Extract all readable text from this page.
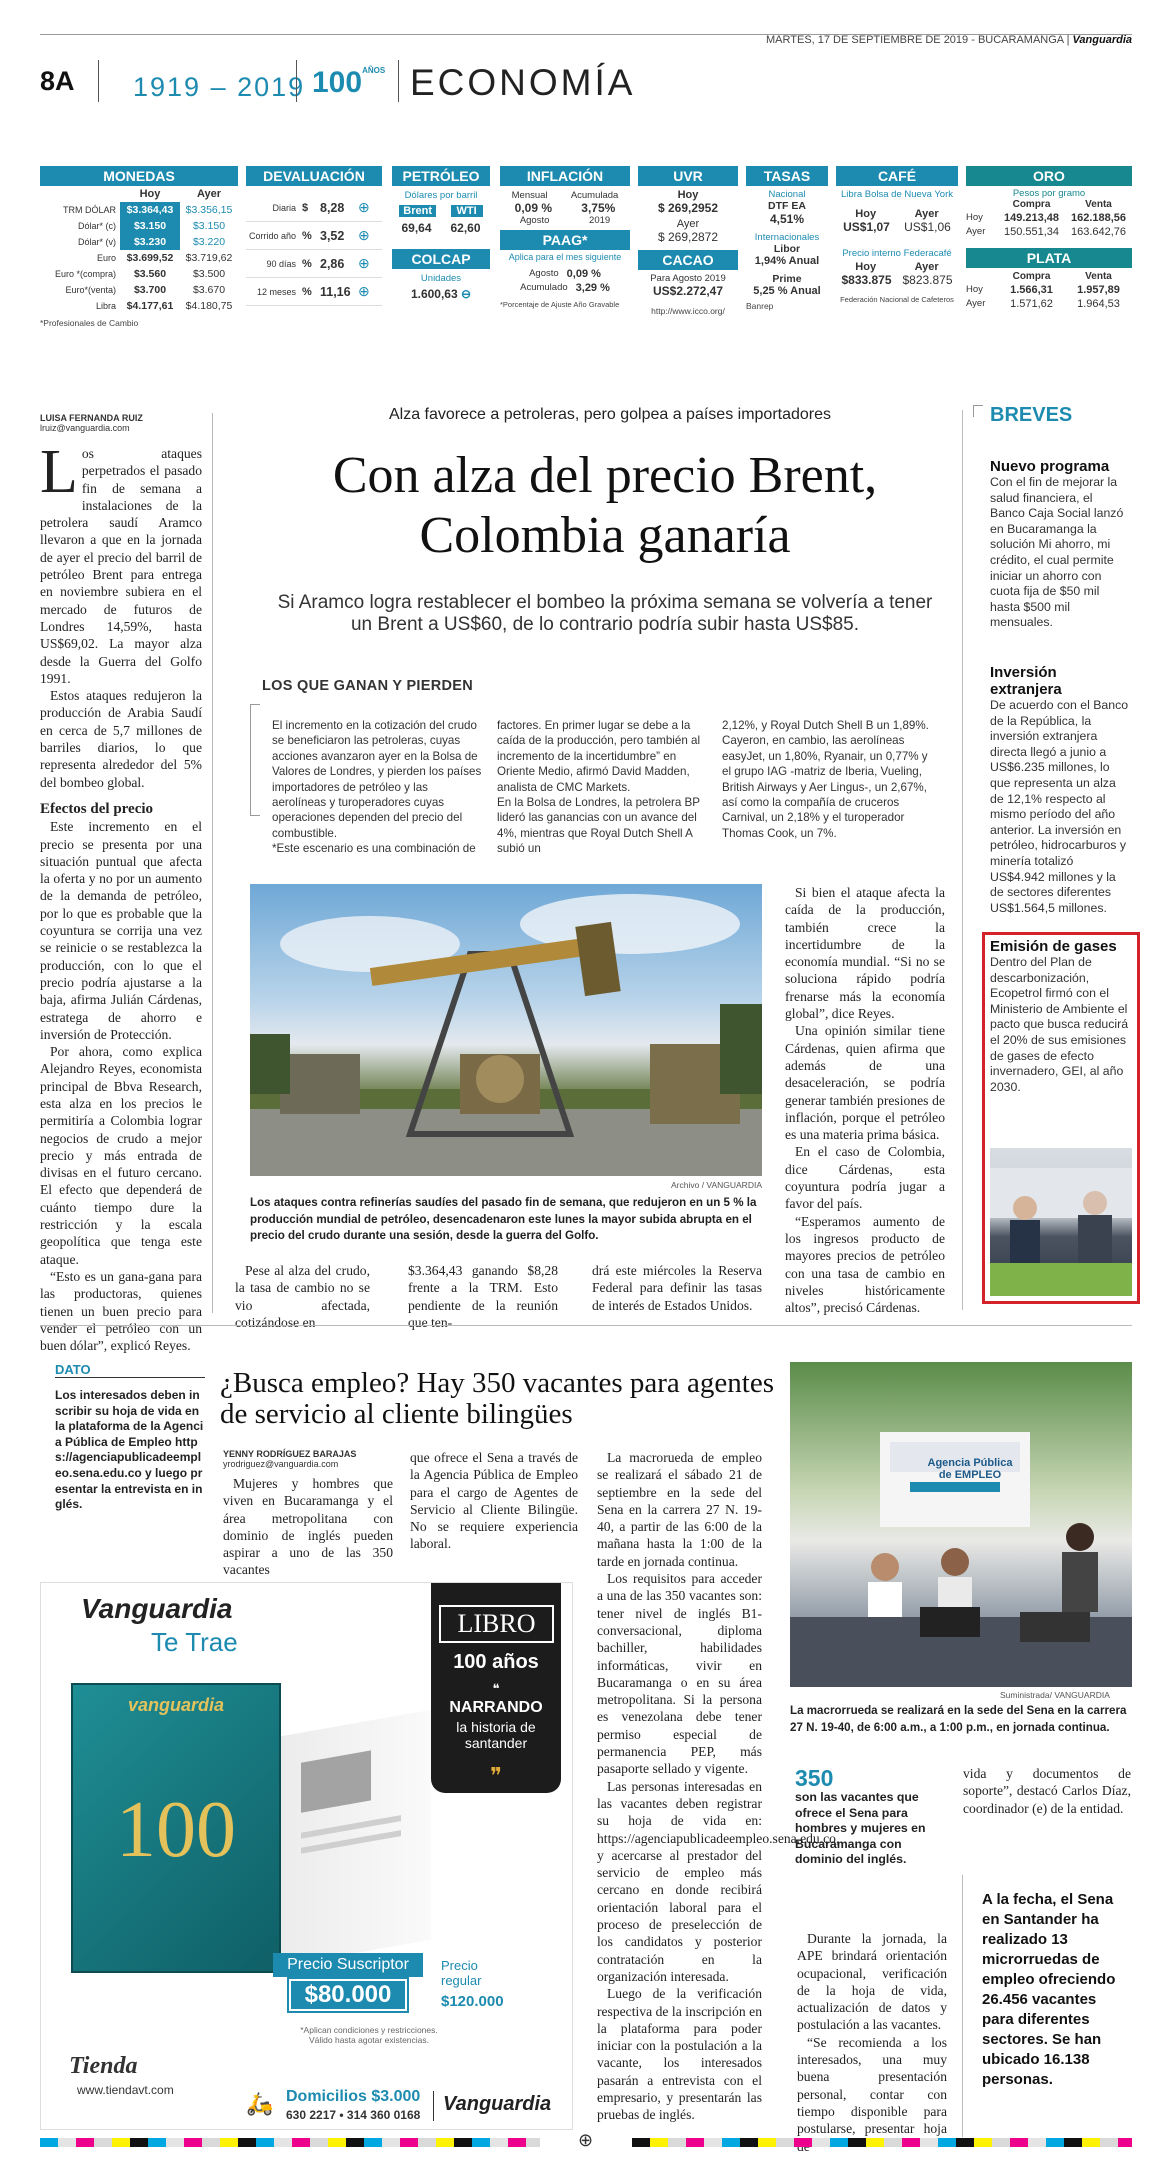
MARTES, 17 DE SEPTIEMBRE DE 2019 - BUCARAMANGA | Vanguardia
8A 1919 – 2019 $100^{AÑOS}$ ECONOMÍA
MONEDAS
Hoy	Ayer
TRM DÓLAR	$3.364,43	$3.356,15
Dólar* (c)	$3.150	$3.150
Dólar* (v)	$3.230	$3.220
Euro	$3.699,52	$3.719,62
Euro *(compra)	$3.560	$3.500
Euro*(venta)	$3.700	$3.670
Libra	$4.177,61	$4.180,75
*Profesionales de Cambio
DEVALUACIÓN
Diaria $ 8,28 ⊕
Corrido año % 3,52 ⊕
90 días % 2,86 ⊕
12 meses % 11,16 ⊕
PETRÓLEO
Dólares por barril
Brent	WTI
69,64 62,60
COLCAP
Unidades
1.600,63 ⊖
INFLACIÓN
Mensual Acumulada
0,09 % 3,75%
Agosto	2019
PAAG*
Aplica para el mes siguiente
Agosto 0,09 %
Acumulado 3,29 %
*Porcentaje de Ajuste Año Gravable
UVR
Hoy
$ 269,2952
Ayer
$ 269,2872
CACAO
Para Agosto 2019
US$2.272,47
http://www.icco.org/
TASAS
Nacional
DTF EA
4,51%
Internacionales
Libor
1,94% Anual
Prime
5,25 % Anual
Banrep
CAFÉ
Libra Bolsa de Nueva York
Hoy	Ayer
US$1,07 US$1,06
Precio interno Federacafé
Hoy	Ayer
$833.875 $823.875
Federación Nacional de Cafeteros
ORO
Pesos por gramo
Compra	Venta
Hoy	149.213,48	162.188,56
Ayer	150.551,34	163.642,76
PLATA
Compra	Venta
Hoy	1.566,31	1.957,89
Ayer	1.571,62	1.964,53
Alza favorece a petroleras, pero golpea a países importadores
Con alza del precio Brent, Colombia ganaría
Si Aramco logra restablecer el bombeo la próxima semana se volvería a tener un Brent a US$60, de lo contrario podría subir hasta US$85.
LUISA FERNANDA RUIZ
lruiz@vanguardia.com
Los ataques perpetrados el pasado fin de semana a instalaciones de la petrolera saudí Aramco llevaron a que en la jornada de ayer el precio del barril de petróleo Brent para entrega en noviembre subiera en el mercado de futuros de Londres 14,59%, hasta US$69,02. La mayor alza desde la Guerra del Golfo 1991.

Estos ataques redujeron la producción de Arabia Saudí en cerca de 5,7 millones de barriles diarios, lo que representa alrededor del 5% del bombeo global.

Efectos del precio

Este incremento en el precio se presenta por una situación puntual que afecta la oferta y no por un aumento de la demanda de petróleo, por lo que es probable que la coyuntura se corrija una vez se reinicie o se restablezca la producción, con lo que el precio podría ajustarse a la baja, afirma Julián Cárdenas, estratega de ahorro e inversión de Protección.

Por ahora, como explica Alejandro Reyes, economista principal de Bbva Research, esta alza en los precios le permitiría a Colombia lograr negocios de crudo a mejor precio y más entrada de divisas en el futuro cercano. El efecto que dependerá de cuánto tiempo dure la restricción y la escala geopolítica que tenga este ataque.

“Esto es un gana-gana para las productoras, quienes tienen un buen precio para vender el petróleo con un buen dólar”, explicó Reyes.

LOS QUE GANAN Y PIERDEN
El incremento en la cotización del crudo se beneficiaron las petroleras, cuyas acciones avanzaron ayer en la Bolsa de Valores de Londres, y pierden los países importadores de petróleo y las aerolíneas y turoperadores cuyas operaciones dependen del precio del combustible.
*Este escenario es una combinación de
factores. En primer lugar se debe a la caída de la producción, pero también al incremento de la incertidumbre” en Oriente Medio, afirmó David Madden, analista de CMC Markets.
En la Bolsa de Londres, la petrolera BP lideró las ganancias con un avance del 4%, mientras que Royal Dutch Shell A subió un
2,12%, y Royal Dutch Shell B un 1,89%. Cayeron, en cambio, las aerolíneas easyJet, un 1,80%, Ryanair, un 0,77% y el grupo IAG -matriz de Iberia, Vueling, British Airways y Aer Lingus-, un 2,67%, así como la compañía de cruceros Carnival, un 2,18% y el turoperador Thomas Cook, un 7%.
Archivo / VANGUARDIA
Los ataques contra refinerías saudíes del pasado fin de semana, que redujeron en un 5 % la producción mundial de petróleo, desencadenaron este lunes la mayor subida abrupta en el precio del crudo durante una sesión, desde la guerra del Golfo.

Pese al alza del crudo, la tasa de cambio no se vio afectada, cotizándose en

$3.364,43 ganando $8,28 frente a la TRM. Esto pendiente de la reunión que ten-
drá este miércoles la Reserva Federal para definir las tasas de interés de Estados Unidos.

Si bien el ataque afecta la caída de la producción, también crece la incertidumbre de la economía mundial. “Si no se soluciona rápido podría frenarse más la economía global”, dice Reyes.

Una opinión similar tiene Cárdenas, quien afirma que además de una desaceleración, se podría generar también presiones de inflación, porque el petróleo es una materia prima básica.

En el caso de Colombia, dice Cárdenas, esta coyuntura podría jugar a favor del país.

“Esperamos aumento de los ingresos producto de mayores precios de petróleo con una tasa de cambio en niveles históricamente altos”, precisó Cárdenas.

BREVES
Nuevo programa
Con el fin de mejorar la salud financiera, el Banco Caja Social lanzó en Bucaramanga la solución Mi ahorro, mi crédito, el cual permite iniciar un ahorro con cuota fija de $50 mil hasta $500 mil mensuales.
Inversión extranjera
De acuerdo con el Banco de la República, la inversión extranjera directa llegó a junio a US$6.235 millones, lo que representa un alza de 12,1% respecto al mismo período del año anterior. La inversión en petróleo, hidrocarburos y minería totalizó US$4.942 millones y la de sectores diferentes US$1.564,5 millones.
Emisión de gases
Dentro del Plan de descarbonización, Ecopetrol firmó con el Ministerio de Ambiente el pacto que busca reducirá el 20% de sus emisiones de gases de efecto invernadero, GEI, al año 2030.
DATO
Los interesados deben inscribir su hoja de vida en la plataforma de la Agencia Pública de Empleo https://agenciapublicadeempleo.sena.edu.co y luego presentar la entrevista en inglés.
¿Busca empleo? Hay 350 vacantes para agentes de servicio al cliente bilingües
YENNY RODRÍGUEZ BARAJAS
yrodriguez@vanguardia.com

Mujeres y hombres que viven en Bucaramanga y el área metropolitana con dominio de inglés pueden aspirar a uno de las 350 vacantes

que ofrece el Sena a través de la Agencia Pública de Empleo para el cargo de Agentes de Servicio al Cliente Bilingüe. No se requiere experiencia laboral.

La macrorueda de empleo se realizará el sábado 21 de septiembre en la sede del Sena en la carrera 27 N. 19-40, a partir de las 6:00 de la mañana hasta la 1:00 de la tarde en jornada continua.

Los requisitos para acceder a una de las 350 vacantes son: tener nivel de inglés B1-conversacional, diploma bachiller, habilidades informáticas, vivir en Bucaramanga o en su área metropolitana. Si la persona es venezolana debe tener permiso especial de permanencia PEP, más pasaporte sellado y vigente.

Las personas interesadas en las vacantes deben registrar su hoja de vida en: https://agenciapublicadeempleo.sena.edu.co, y acercarse al prestador del servicio de empleo más cercano en donde recibirá orientación laboral para el proceso de preselección de los candidatos y posterior contratación en la organización interesada.

Luego de la verificación respectiva de la inscripción en la plataforma para poder iniciar con la postulación a la vacante, los interesados pasarán a entrevista con el empresario, y presentarán las pruebas de inglés.

Agencia Pública de EMPLEO
Suministrada/ VANGUARDIA
La macrorrueda se realizará en la sede del Sena en la carrera 27 N. 19-40, de 6:00 a.m., a 1:00 p.m., en jornada continua.
350
son las vacantes que ofrece el Sena para hombres y mujeres en Bucaramanga con dominio del inglés.
vida y documentos de soporte”, destacó Carlos Díaz, coordinador (e) de la entidad.

Durante la jornada, la APE brindará orientación ocupacional, verificación de la hoja de vida, actualización de datos y postulación a las vacantes.

“Se recomienda a los interesados, una muy buena presentación personal, contar con tiempo disponible para postularse, presentar hoja

A la fecha, el Sena en Santander ha realizado 13 microrruedas de empleo ofreciendo 26.456 vacantes para diferentes sectores. Se han ubicado 16.138 personas.
Vanguardia
Te Trae
LIBRO
100 años
❝
NARRANDO
la historia de santander
❞
vanguardia
100
Precio Suscriptor
$80.000
Precio regular
$120.000
*Aplican condiciones y restricciones. Válido hasta agotar existencias.
Tienda
www.tiendavt.com
🛵 Domicilios $3.000
630 2217 • 314 360 0168 Vanguardia
⊕
